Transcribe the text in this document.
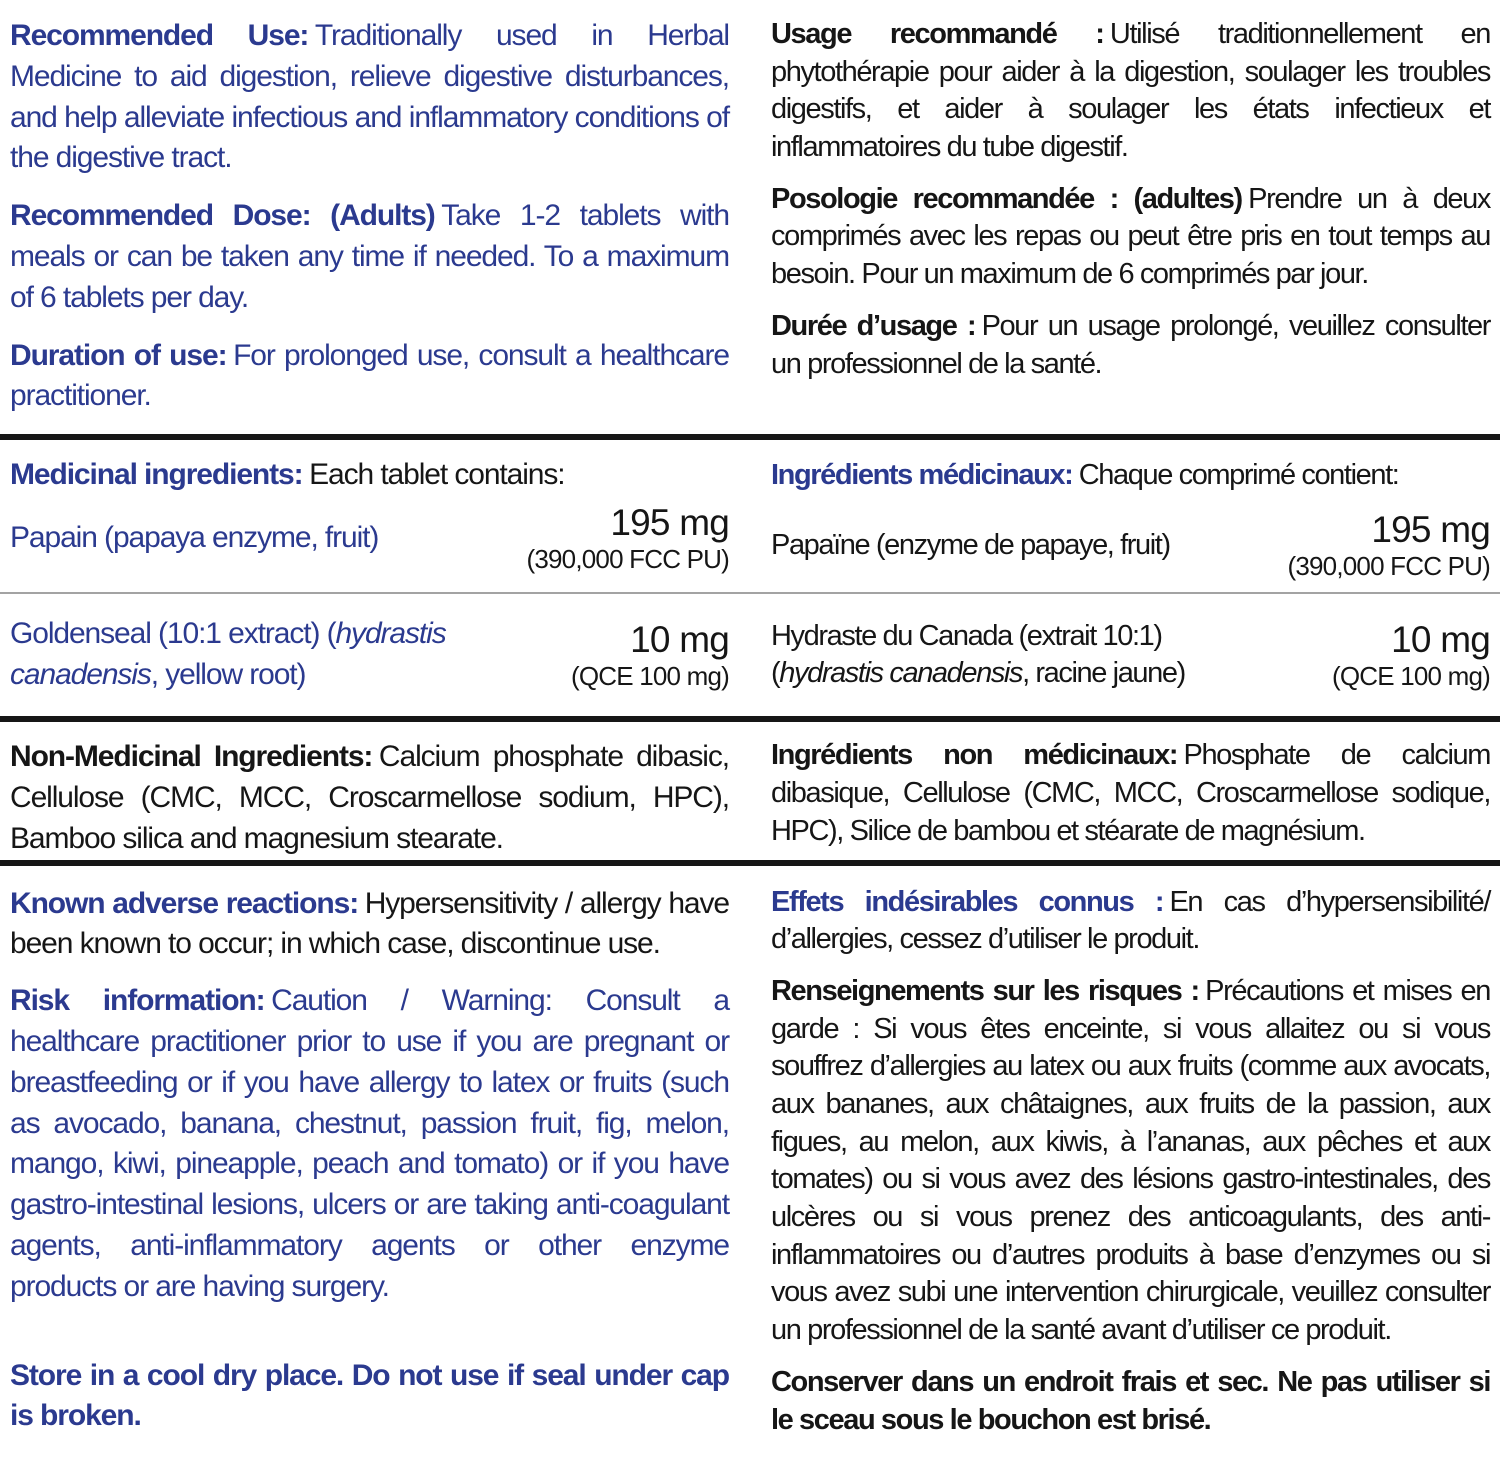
Recommended Use: Traditionally used in Herbal Medicine to aid digestion, relieve digestive disturbances, and help alleviate infectious and inflammatory conditions of the digestive tract.

Recommended Dose: (Adults) Take 1-2 tablets with meals or can be taken any time if needed. To a maximum of 6 tablets per day.

Duration of use: For prolonged use, consult a healthcare practitioner.

Usage recommandé : Utilisé traditionnellement en phytothérapie pour aider à la digestion, soulager les troubles digestifs, et aider à soulager les états infectieux et inflammatoires du tube digestif.

Posologie recommandée : (adultes) Prendre un à deux comprimés avec les repas ou peut être pris en tout temps au besoin. Pour un maximum de 6 comprimés par jour.

Durée d’usage : Pour un usage prolongé, veuillez consulter un professionnel de la santé.

Medicinal ingredients: Each tablet contains:

Papain (papaya enzyme, fruit)	195 mg
(390,000 FCC PU)

Ingrédients médicinaux: Chaque comprimé contient:

Papaïne (enzyme de papaye, fruit)	195 mg
(390,000 FCC PU)
Goldenseal (10:1 extract) (hydrastis canadensis, yellow root)
10 mg
(QCE 100 mg)
Hydraste du Canada (extrait 10:1) (hydrastis canadensis, racine jaune)
10 mg
(QCE 100 mg)

Non-Medicinal Ingredients: Calcium phosphate dibasic, Cellulose (CMC, MCC, Croscarmellose sodium, HPC), Bamboo silica and magnesium stearate.

Ingrédients non médicinaux: Phosphate de calcium dibasique, Cellulose (CMC, MCC, Croscarmellose sodique, HPC), Silice de bambou et stéarate de magnésium.

Known adverse reactions: Hypersensitivity / allergy have been known to occur; in which case, discontinue use.

Risk information: Caution / Warning: Consult a healthcare practitioner prior to use if you are pregnant or breastfeeding or if you have allergy to latex or fruits (such as avocado, banana, chestnut, passion fruit, fig, melon, mango, kiwi, pineapple, peach and tomato) or if you have gastro-intestinal lesions, ulcers or are taking anti-coagulant agents, anti-inflammatory agents or other enzyme products or are having surgery.

Store in a cool dry place. Do not use if seal under cap is broken.

Effets indésirables connus : En cas d’hypersensibilité/ d’allergies, cessez d’utiliser le produit.

Renseignements sur les risques : Précautions et mises en garde : Si vous êtes enceinte, si vous allaitez ou si vous souffrez d’allergies au latex ou aux fruits (comme aux avocats, aux bananes, aux châtaignes, aux fruits de la passion, aux figues, au melon, aux kiwis, à l’ananas, aux pêches et aux tomates) ou si vous avez des lésions gastro-intestinales, des ulcères ou si vous prenez des anticoagulants, des anti-inflammatoires ou d’autres produits à base d’enzymes ou si vous avez subi une intervention chirurgicale, veuillez consulter un professionnel de la santé avant d’utiliser ce produit.

Conserver dans un endroit frais et sec. Ne pas utiliser si le sceau sous le bouchon est brisé.
